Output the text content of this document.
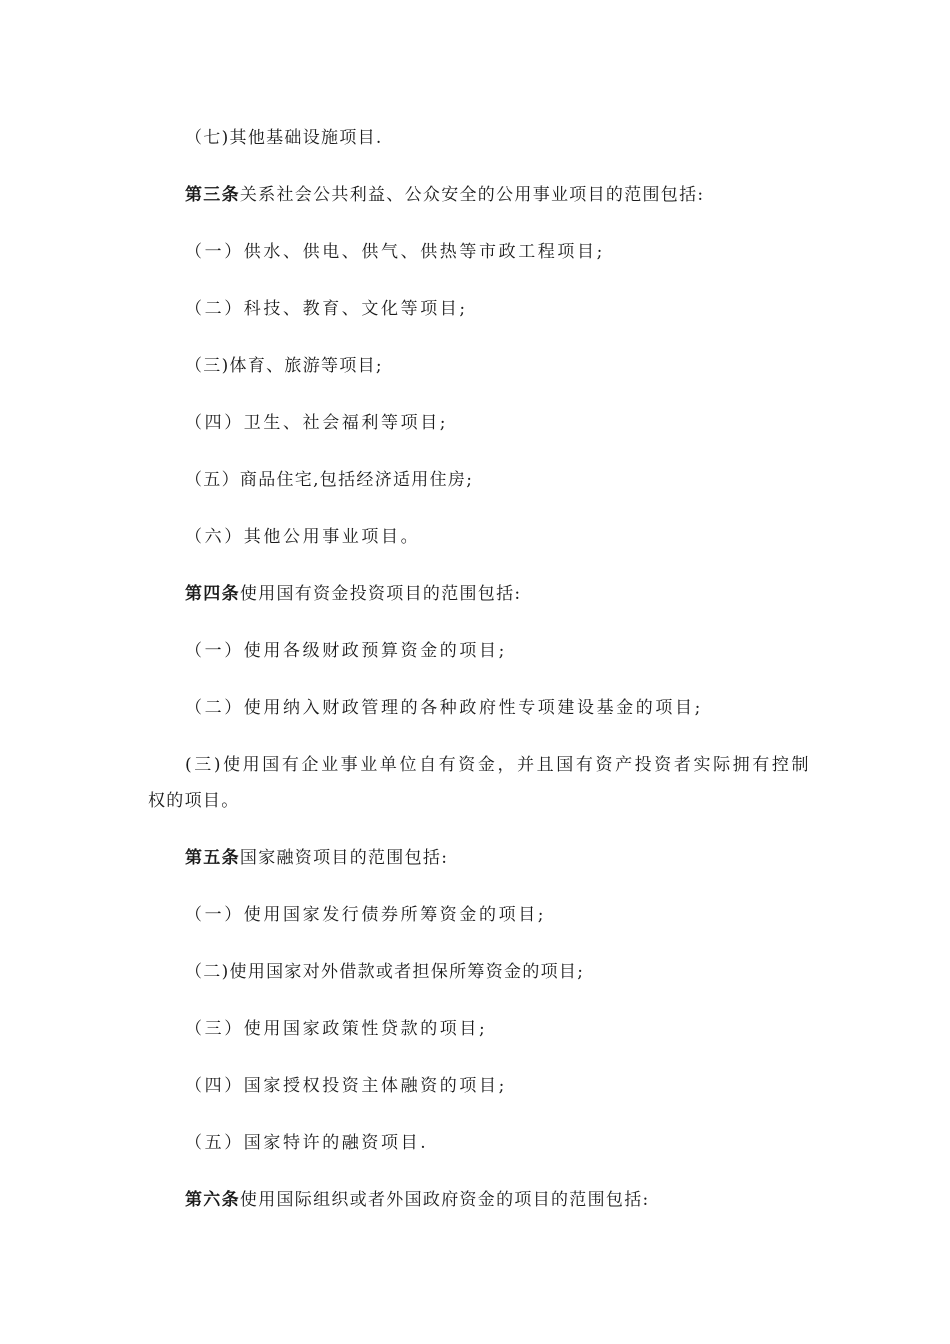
（七)其他基础设施项目.
第三条关系社会公共利益、公众安全的公用事业项目的范围包括:
（一）供水、供电、供气、供热等市政工程项目;
（二）科技、教育、文化等项目;
（三)体育、旅游等项目;
（四）卫生、社会福利等项目;
（五）商品住宅,包括经济适用住房;
（六）其他公用事业项目。
第四条使用国有资金投资项目的范围包括:
（一）使用各级财政预算资金的项目;
（二）使用纳入财政管理的各种政府性专项建设基金的项目;
(三)使用国有企业事业单位自有资金，并且国有资产投资者实际拥有控制
权的项目。
第五条国家融资项目的范围包括:
（一）使用国家发行债券所筹资金的项目;
（二)使用国家对外借款或者担保所筹资金的项目;
（三）使用国家政策性贷款的项目;
（四）国家授权投资主体融资的项目;
（五）国家特许的融资项目.
第六条使用国际组织或者外国政府资金的项目的范围包括:
